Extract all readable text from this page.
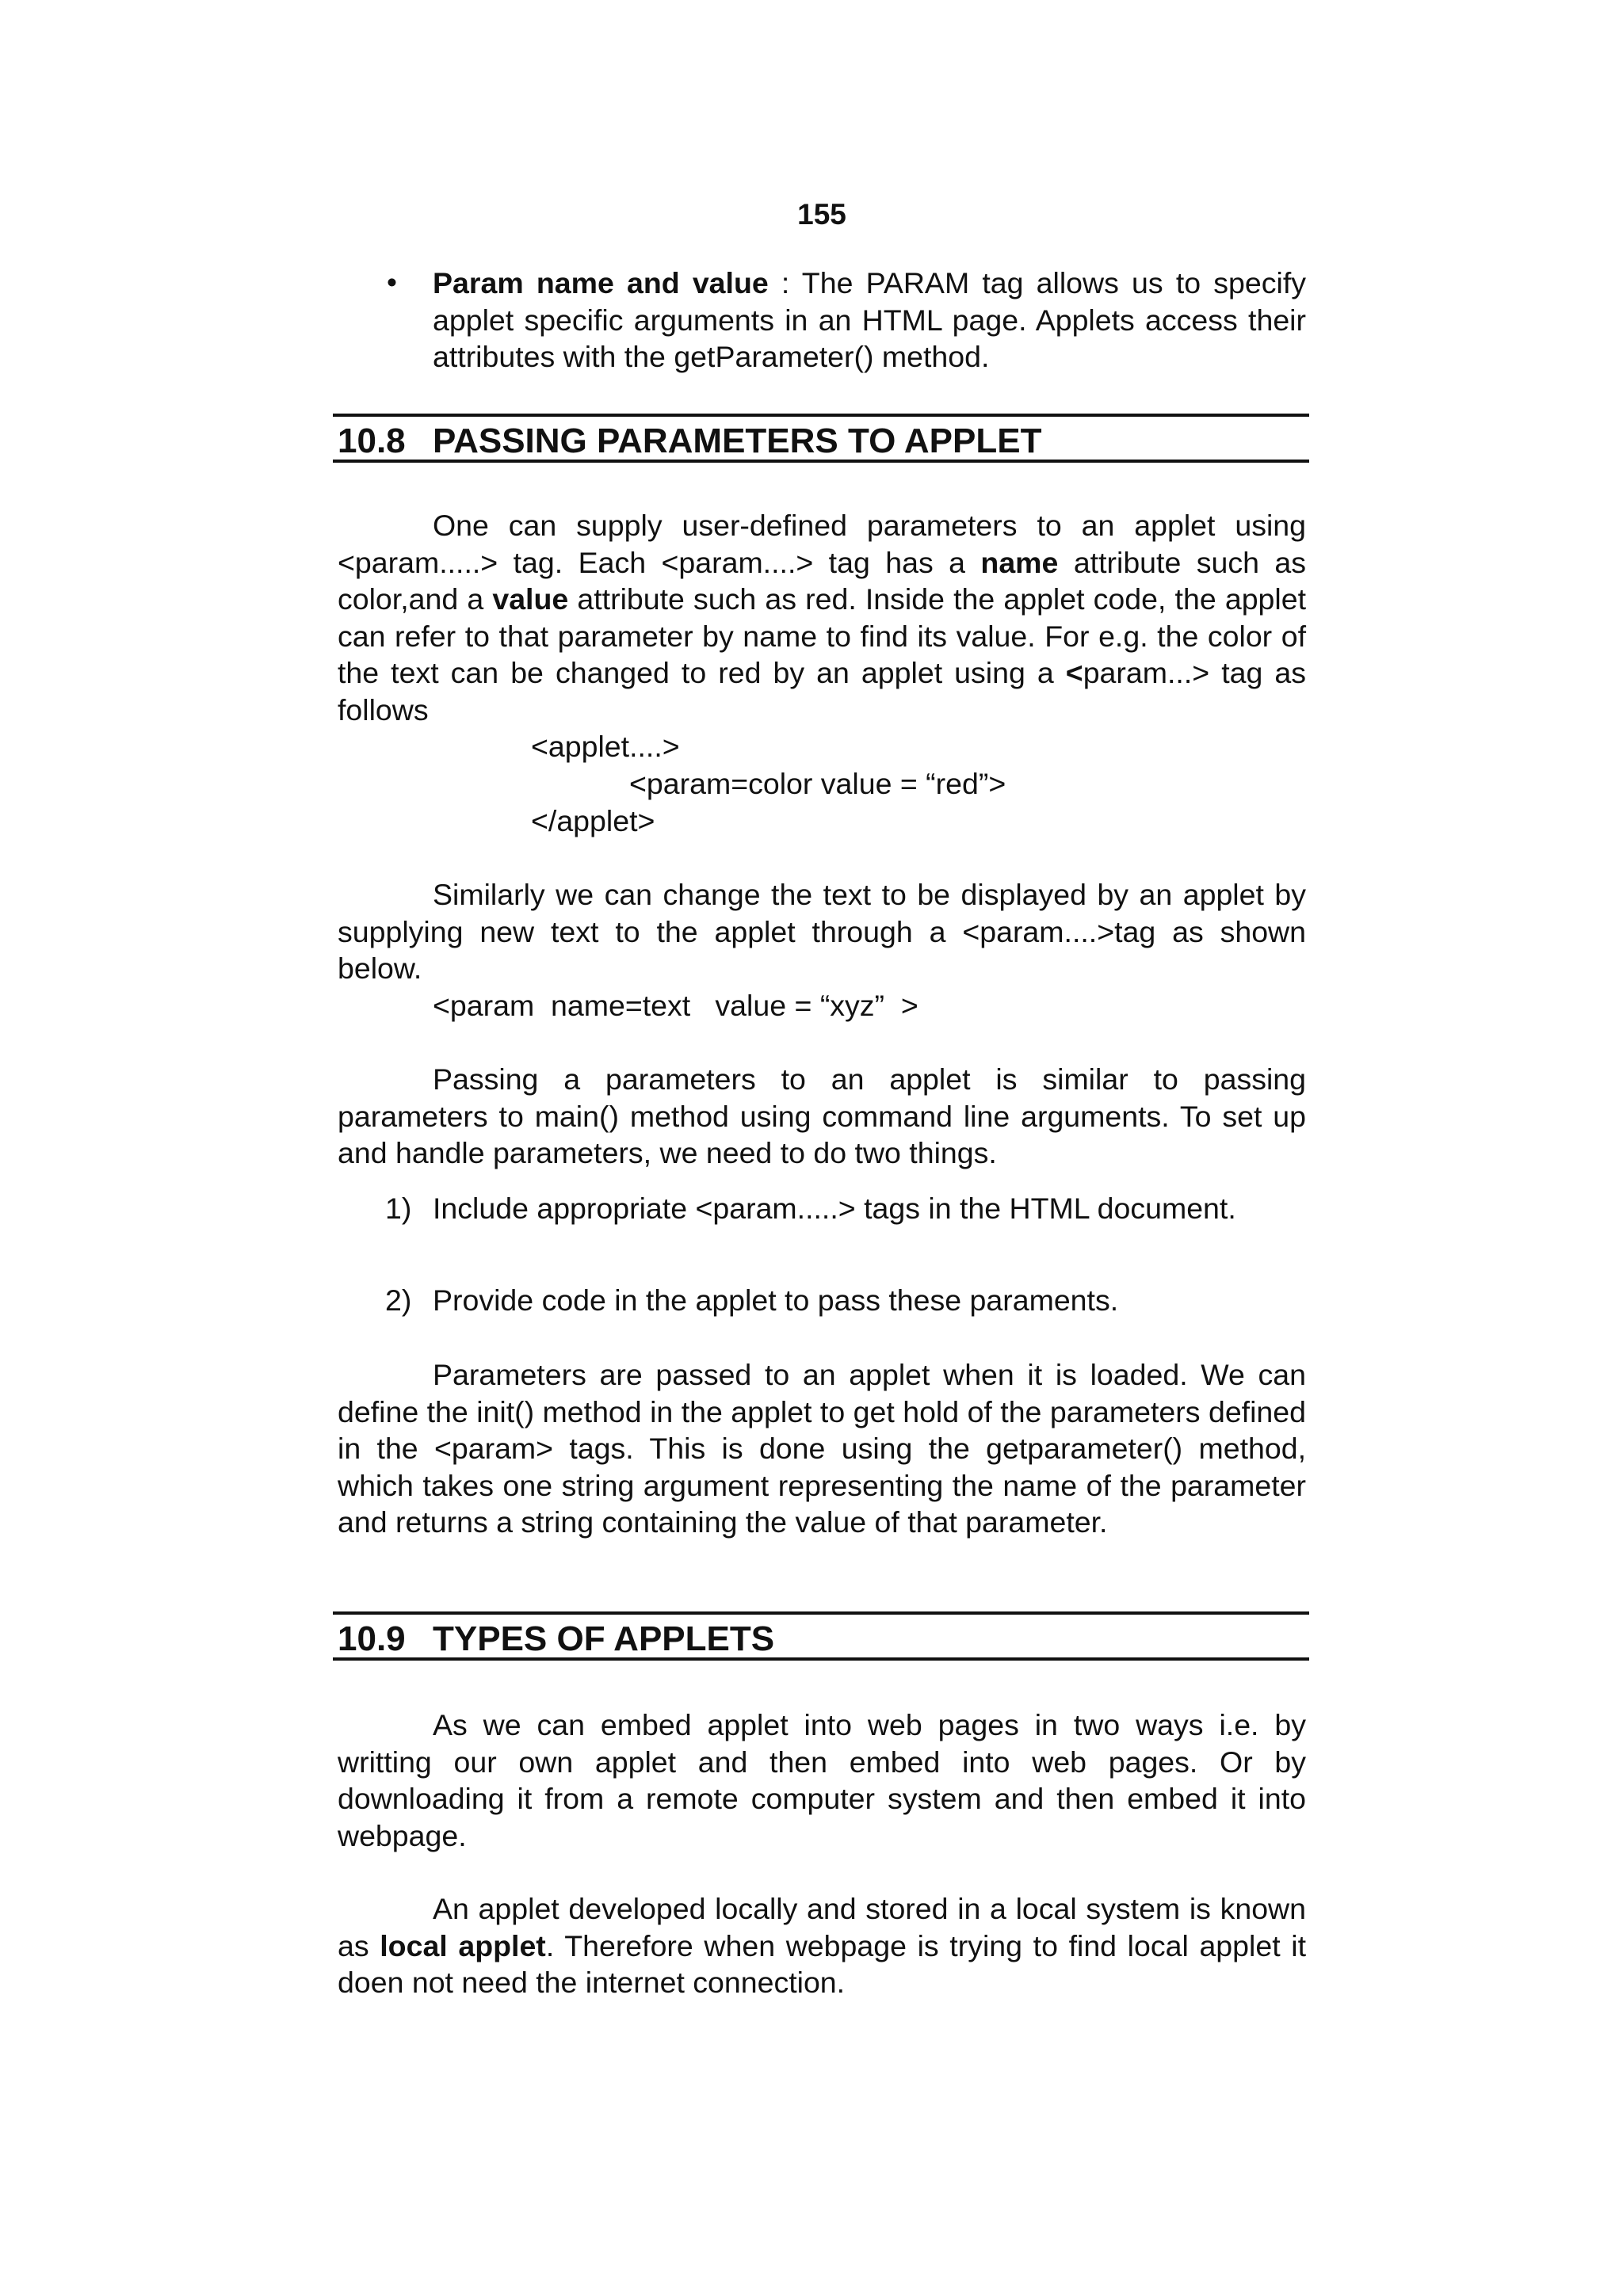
155
• Param name and value : The PARAM tag allows us to specify applet specific arguments in an HTML page. Applets access their attributes with the getParameter() method.
10.8 PASSING PARAMETERS TO APPLET

One can supply user-defined parameters to an applet using <param.....> tag. Each <param....> tag has a name attribute such as color,and a value attribute such as red. Inside the applet code, the applet can refer to that parameter by name to find its value. For e.g. the color of the text can be changed to red by an applet using a <param...> tag as follows

<applet....>
<param=color value = “red”>
</applet>

Similarly we can change the text to be displayed by an applet by supplying new text to the applet through a <param....>tag as shown below.

<param  name=text   value = “xyz”  >

Passing a parameters to an applet is similar to passing parameters to main() method using command line arguments. To set up and handle parameters, we need to do two things.

1) Include appropriate <param.....> tags in the HTML document.
2) Provide code in the applet to pass these paraments.

Parameters are passed to an applet when it is loaded. We can define the init() method in the applet to get hold of the parameters defined in the <param> tags. This is done using the getparameter() method, which takes one string argument representing the name of the parameter and returns a string containing the value of that parameter.

10.9 TYPES OF APPLETS

As we can embed applet into web pages in two ways i.e. by writting our own applet and then embed into web pages. Or by downloading it from a remote computer system and then embed it into webpage.

An applet developed locally and stored in a local system is known as local applet. Therefore when webpage is trying to find local applet it doen not need the internet connection.
